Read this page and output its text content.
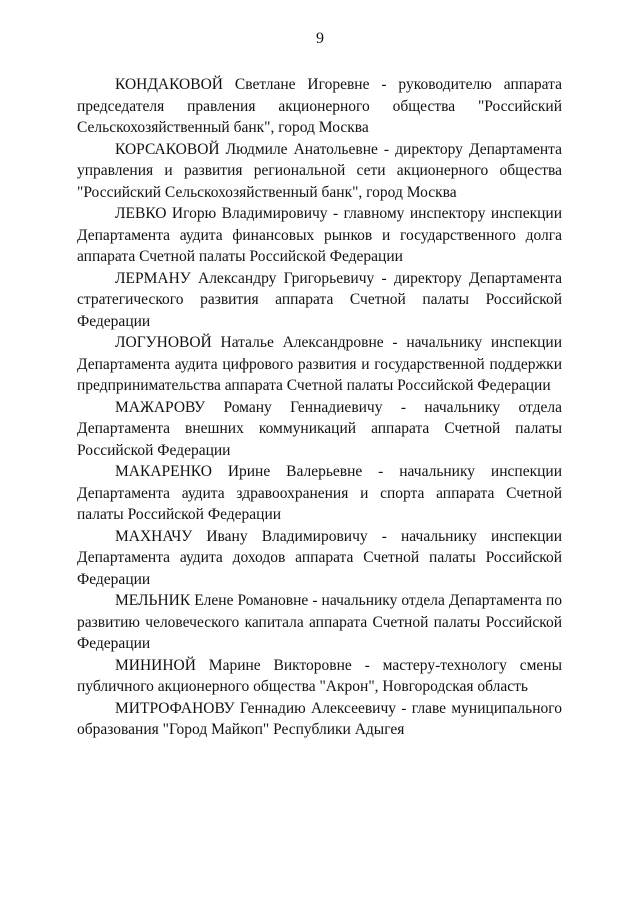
9

КОНДАКОВОЙ Светлане Игоревне - руководителю аппарата председателя правления акционерного общества "Российский Сельскохозяйственный банк", город Москва

КОРСАКОВОЙ Людмиле Анатольевне - директору Департамента управления и развития региональной сети акционерного общества "Российский Сельскохозяйственный банк", город Москва

ЛЕВКО Игорю Владимировичу - главному инспектору инспекции Департамента аудита финансовых рынков и государственного долга аппарата Счетной палаты Российской Федерации

ЛЕРМАНУ Александру Григорьевичу - директору Департамента стратегического развития аппарата Счетной палаты Российской Федерации

ЛОГУНОВОЙ Наталье Александровне - начальнику инспекции Департамента аудита цифрового развития и государственной поддержки предпринимательства аппарата Счетной палаты Российской Федерации

МАЖАРОВУ Роману Геннадиевичу - начальнику отдела Департамента внешних коммуникаций аппарата Счетной палаты Российской Федерации

МАКАРЕНКО Ирине Валерьевне - начальнику инспекции Департамента аудита здравоохранения и спорта аппарата Счетной палаты Российской Федерации

МАХНАЧУ Ивану Владимировичу - начальнику инспекции Департамента аудита доходов аппарата Счетной палаты Российской Федерации

МЕЛЬНИК Елене Романовне - начальнику отдела Департамента по развитию человеческого капитала аппарата Счетной палаты Российской Федерации

МИНИНОЙ Марине Викторовне - мастеру-технологу смены публичного акционерного общества "Акрон", Новгородская область

МИТРОФАНОВУ Геннадию Алексеевичу - главе муниципального образования "Город Майкоп" Республики Адыгея
